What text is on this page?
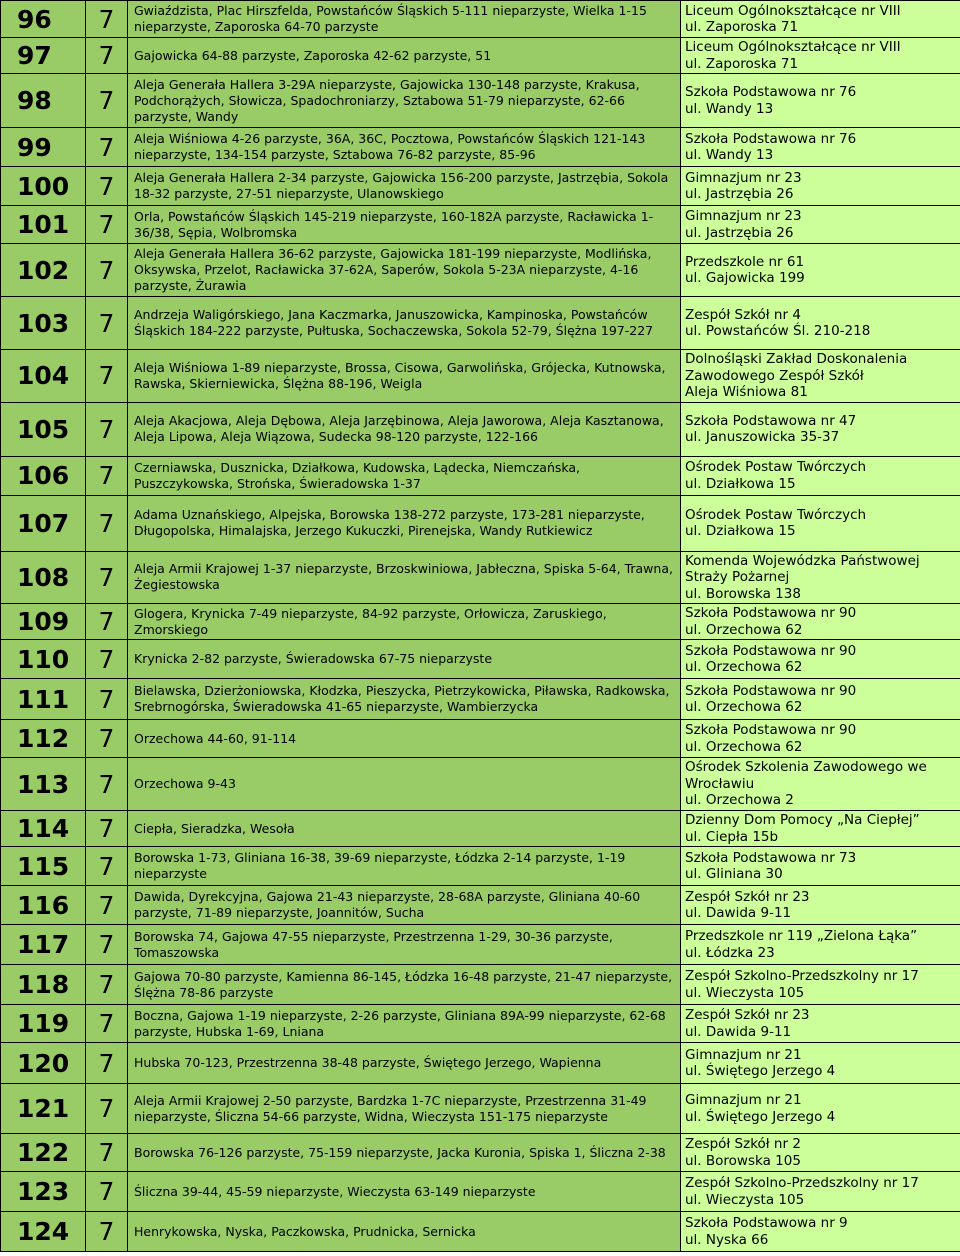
96	7	Gwiaździsta, Plac Hirszfelda, Powstańców Śląskich 5-111 nieparzyste, Wielka 1-15 nieparzyste, Zaporoska 64-70 parzyste	Liceum Ogólnokształcące nr VIII
ul. Zaporoska 71

97	7	Gajowicka 64-88 parzyste, Zaporoska 42-62 parzyste, 51	Liceum Ogólnokształcące nr VIII
ul. Zaporoska 71

98	7	Aleja Generała Hallera 3-29A nieparzyste, Gajowicka 130-148 parzyste, Krakusa, Podchorążych, Słowicza, Spadochroniarzy, Sztabowa 51-79 nieparzyste, 62-66 parzyste, Wandy	Szkoła Podstawowa nr 76
ul. Wandy 13

99	7	Aleja Wiśniowa 4-26 parzyste, 36A, 36C, Pocztowa, Powstańców Śląskich 121-143 nieparzyste, 134-154 parzyste, Sztabowa 76-82 parzyste, 85-96	Szkoła Podstawowa nr 76
ul. Wandy 13

100	7	Aleja Generała Hallera 2-34 parzyste, Gajowicka 156-200 parzyste, Jastrzębia, Sokola 18-32 parzyste, 27-51 nieparzyste, Ulanowskiego	Gimnazjum nr 23
ul. Jastrzębia 26

101	7	Orla, Powstańców Śląskich 145-219 nieparzyste, 160-182A parzyste, Racławicka 1-36/38, Sępia, Wolbromska	Gimnazjum nr 23
ul. Jastrzębia 26

102	7	Aleja Generała Hallera 36-62 parzyste, Gajowicka 181-199 nieparzyste, Modlińska, Oksywska, Przelot, Racławicka 37-62A, Saperów, Sokola 5-23A nieparzyste, 4-16 parzyste, Żurawia	Przedszkole nr 61
ul. Gajowicka 199

103	7	Andrzeja Waligórskiego, Jana Kaczmarka, Januszowicka, Kampinoska, Powstańców Śląskich 184-222 parzyste, Pułtuska, Sochaczewska, Sokola 52-79, Ślężna 197-227	Zespół Szkół nr 4
ul. Powstańców Śl. 210-218

104	7	Aleja Wiśniowa 1-89 nieparzyste, Brossa, Cisowa, Garwolińska, Grójecka, Kutnowska, Rawska, Skierniewicka, Ślężna 88-196, Weigla	Dolnośląski Zakład Doskonalenia Zawodowego Zespół Szkół
Aleja Wiśniowa 81

105	7	Aleja Akacjowa, Aleja Dębowa, Aleja Jarzębinowa, Aleja Jaworowa, Aleja Kasztanowa, Aleja Lipowa, Aleja Wiązowa, Sudecka 98-120 parzyste, 122-166	Szkoła Podstawowa nr 47
ul. Januszowicka 35-37

106	7	Czerniawska, Dusznicka, Działkowa, Kudowska, Lądecka, Niemczańska, Puszczykowska, Strońska, Świeradowska 1-37	Ośrodek Postaw Twórczych
ul. Działkowa 15

107	7	Adama Uznańskiego, Alpejska, Borowska 138-272 parzyste, 173-281 nieparzyste, Długopolska, Himalajska, Jerzego Kukuczki, Pirenejska, Wandy Rutkiewicz	Ośrodek Postaw Twórczych
ul. Działkowa 15

108	7	Aleja Armii Krajowej 1-37 nieparzyste, Brzoskwiniowa, Jabłeczna, Spiska 5-64, Trawna, Żegiestowska	Komenda Wojewódzka Państwowej Straży Pożarnej
ul. Borowska 138

109	7	Glogera, Krynicka 7-49 nieparzyste, 84-92 parzyste, Orłowicza, Zaruskiego, Zmorskiego	Szkoła Podstawowa nr 90
ul. Orzechowa 62

110	7	Krynicka 2-82 parzyste, Świeradowska 67-75 nieparzyste	Szkoła Podstawowa nr 90
ul. Orzechowa 62

111	7	Bielawska, Dzierżoniowska, Kłodzka, Pieszycka, Pietrzykowicka, Piławska, Radkowska, Srebrnogórska, Świeradowska 41-65 nieparzyste, Wambierzycka	Szkoła Podstawowa nr 90
ul. Orzechowa 62

112	7	Orzechowa 44-60, 91-114	Szkoła Podstawowa nr 90
ul. Orzechowa 62

113	7	Orzechowa 9-43	Ośrodek Szkolenia Zawodowego we Wrocławiu
ul. Orzechowa 2

114	7	Ciepła, Sieradzka, Wesoła	Dzienny Dom Pomocy „Na Ciepłej”
ul. Ciepła 15b

115	7	Borowska 1-73, Gliniana 16-38, 39-69 nieparzyste, Łódzka 2-14 parzyste, 1-19 nieparzyste	Szkoła Podstawowa nr 73
ul. Gliniana 30

116	7	Dawida, Dyrekcyjna, Gajowa 21-43 nieparzyste, 28-68A parzyste, Gliniana 40-60 parzyste, 71-89 nieparzyste, Joannitów, Sucha	Zespół Szkół nr 23
ul. Dawida 9-11

117	7	Borowska 74, Gajowa 47-55 nieparzyste, Przestrzenna 1-29, 30-36 parzyste, Tomaszowska	Przedszkole nr 119 „Zielona Łąka”
ul. Łódzka 23

118	7	Gajowa 70-80 parzyste, Kamienna 86-145, Łódzka 16-48 parzyste, 21-47 nieparzyste, Ślężna 78-86 parzyste	Zespół Szkolno-Przedszkolny nr 17
ul. Wieczysta 105

119	7	Boczna, Gajowa 1-19 nieparzyste, 2-26 parzyste, Gliniana 89A-99 nieparzyste, 62-68 parzyste, Hubska 1-69, Lniana	Zespół Szkół nr 23
ul. Dawida 9-11

120	7	Hubska 70-123, Przestrzenna 38-48 parzyste, Świętego Jerzego, Wapienna	Gimnazjum nr 21
ul. Świętego Jerzego 4

121	7	Aleja Armii Krajowej 2-50 parzyste, Bardzka 1-7C nieparzyste, Przestrzenna 31-49 nieparzyste, Śliczna 54-66 parzyste, Widna, Wieczysta 151-175 nieparzyste	Gimnazjum nr 21
ul. Świętego Jerzego 4

122	7	Borowska 76-126 parzyste, 75-159 nieparzyste, Jacka Kuronia, Spiska 1, Śliczna 2-38	Zespół Szkół nr 2
ul. Borowska 105

123	7	Śliczna 39-44, 45-59 nieparzyste, Wieczysta 63-149 nieparzyste	Zespół Szkolno-Przedszkolny nr 17
ul. Wieczysta 105

124	7	Henrykowska, Nyska, Paczkowska, Prudnicka, Sernicka	Szkoła Podstawowa nr 9
ul. Nyska 66
